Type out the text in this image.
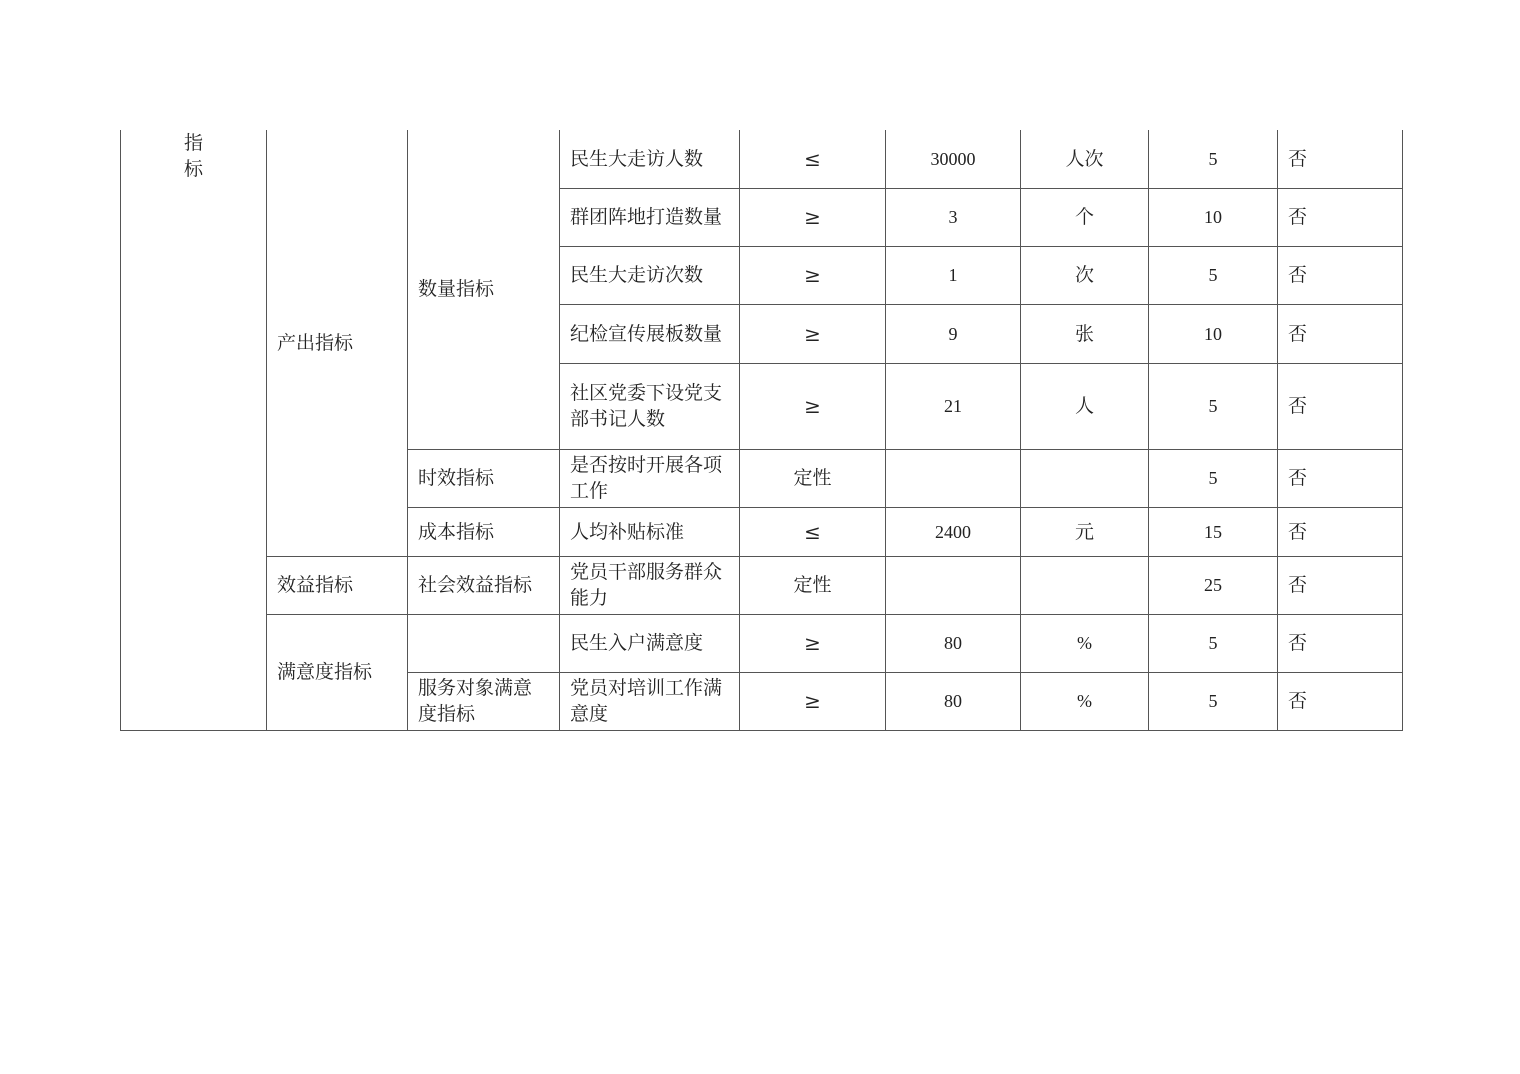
指标	产出指标	数量指标	民生大走访人数	≤	30000	人次	5	否
			群团阵地打造数量	≥	3	个	10	否
			民生大走访次数	≥	1	次	5	否
			纪检宣传展板数量	≥	9	张	10	否
			社区党委下设党支部书记人数	≥	21	人	5	否
		时效指标	是否按时开展各项工作	定性			5	否
		成本指标	人均补贴标准	≤	2400	元	15	否
	效益指标	社会效益指标	党员干部服务群众能力	定性			25	否
	满意度指标		民生入户满意度	≥	80	%	5	否
		服务对象满意度指标	党员对培训工作满意度	≥	80	%	5	否
